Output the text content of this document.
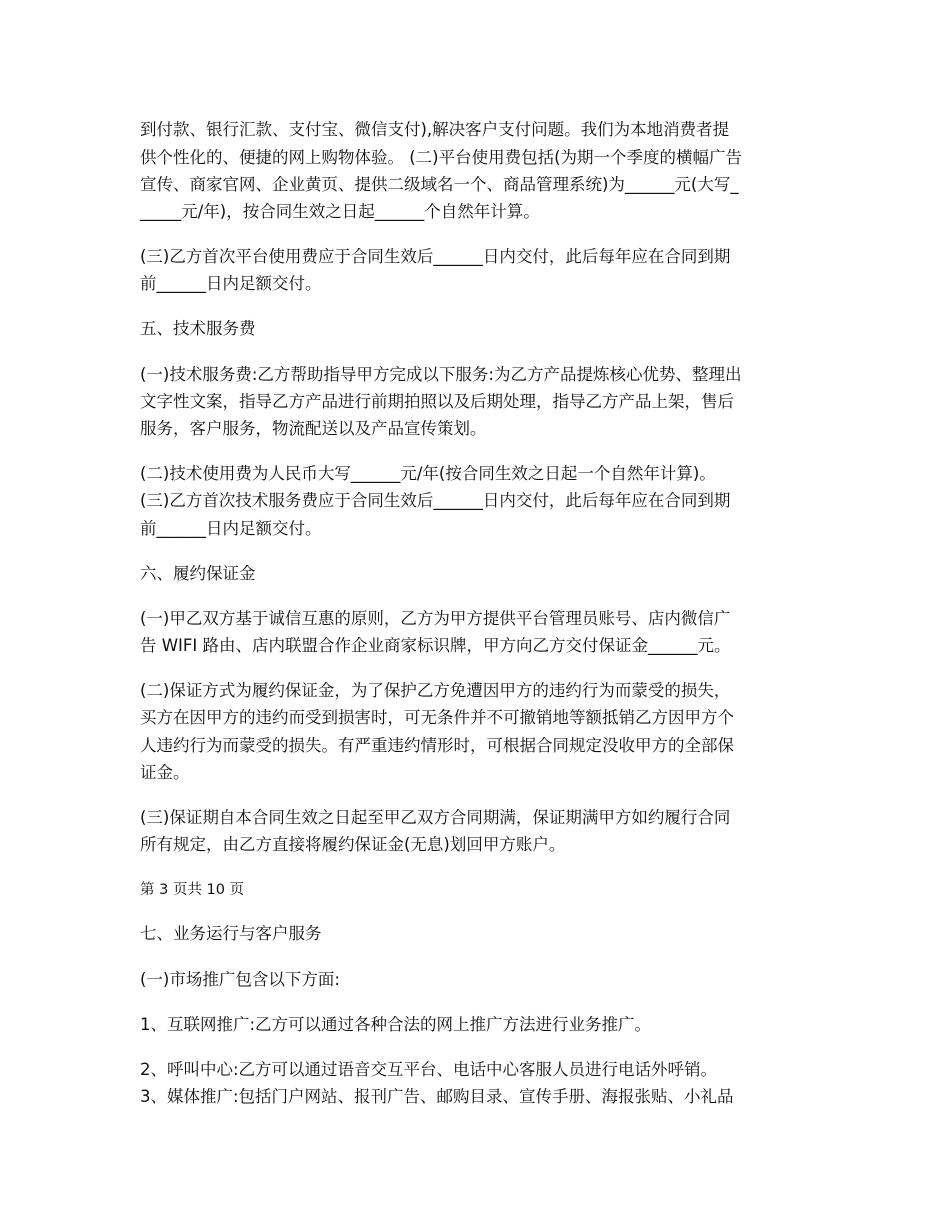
到付款、银行汇款、支付宝、微信支付),解决客户支付问题。我们为本地消费者提
供个性化的、便捷的网上购物体验。 (二)平台使用费包括(为期一个季度的横幅广告
宣传、商家官网、企业黄页、提供二级域名一个、商品管理系统)为______元(大写_
_____元/年)，按合同生效之日起______个自然年计算。
(三)乙方首次平台使用费应于合同生效后______日内交付，此后每年应在合同到期
前______日内足额交付。
五、技术服务费
(一)技术服务费:乙方帮助指导甲方完成以下服务:为乙方产品提炼核心优势、整理出
文字性文案，指导乙方产品进行前期拍照以及后期处理，指导乙方产品上架，售后
服务，客户服务，物流配送以及产品宣传策划。
(二)技术使用费为人民币大写______元/年(按合同生效之日起一个自然年计算)。
(三)乙方首次技术服务费应于合同生效后______日内交付，此后每年应在合同到期
前______日内足额交付。
六、履约保证金
(一)甲乙双方基于诚信互惠的原则，乙方为甲方提供平台管理员账号、店内微信广
告 WIFI 路由、店内联盟合作企业商家标识牌，甲方向乙方交付保证金______元。
(二)保证方式为履约保证金，为了保护乙方免遭因甲方的违约行为而蒙受的损失，
买方在因甲方的违约而受到损害时，可无条件并不可撤销地等额抵销乙方因甲方个
人违约行为而蒙受的损失。有严重违约情形时，可根据合同规定没收甲方的全部保
证金。
(三)保证期自本合同生效之日起至甲乙双方合同期满，保证期满甲方如约履行合同
所有规定，由乙方直接将履约保证金(无息)划回甲方账户。
第 3 页共 10 页
七、业务运行与客户服务
(一)市场推广包含以下方面:
1、互联网推广:乙方可以通过各种合法的网上推广方法进行业务推广。
2、呼叫中心:乙方可以通过语音交互平台、电话中心客服人员进行电话外呼销。
3、媒体推广:包括门户网站、报刊广告、邮购目录、宣传手册、海报张贴、小礼品
